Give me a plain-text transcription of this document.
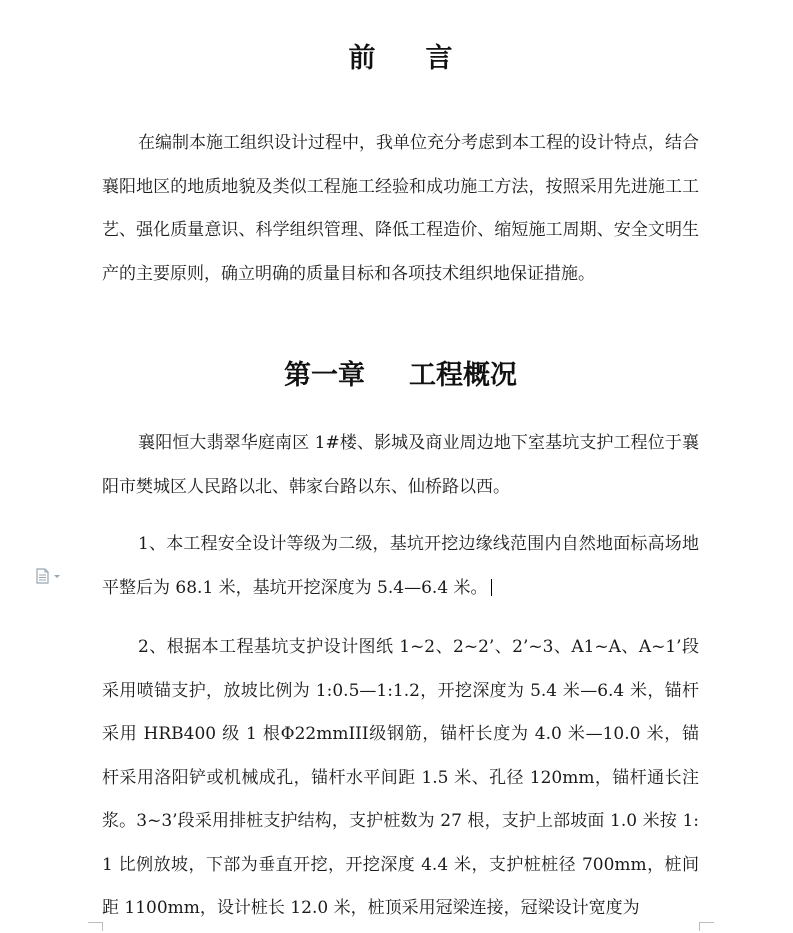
前言

在编制本施工组织设计过程中，我单位充分考虑到本工程的设计特点，结合襄阳地区的地质地貌及类似工程施工经验和成功施工方法，按照采用先进施工工艺、强化质量意识、科学组织管理、降低工程造价、缩短施工周期、安全文明生产的主要原则，确立明确的质量目标和各项技术组织地保证措施。

第一章 工程概况

襄阳恒大翡翠华庭南区 1#楼、影城及商业周边地下室基坑支护工程位于襄阳市樊城区人民路以北、韩家台路以东、仙桥路以西。

1、本工程安全设计等级为二级，基坑开挖边缘线范围内自然地面标高场地平整后为 68.1 米，基坑开挖深度为 5.4—6.4 米。

2、根据本工程基坑支护设计图纸 1~2、2~2’、2’~3、A1~A、A~1’段采用喷锚支护，放坡比例为 1:0.5—1:1.2，开挖深度为 5.4 米—6.4 米，锚杆采用 HRB400 级 1 根Φ22mmIII级钢筋，锚杆长度为 4.0 米—10.0 米，锚杆采用洛阳铲或机械成孔，锚杆水平间距 1.5 米、孔径 120mm，锚杆通长注浆。3~3’段采用排桩支护结构，支护桩数为 27 根，支护上部坡面 1.0 米按 1:1 比例放坡，下部为垂直开挖，开挖深度 4.4 米，支护桩桩径 700mm，桩间距 1100mm，设计桩长 12.0 米，桩顶采用冠梁连接，冠梁设计宽度为
